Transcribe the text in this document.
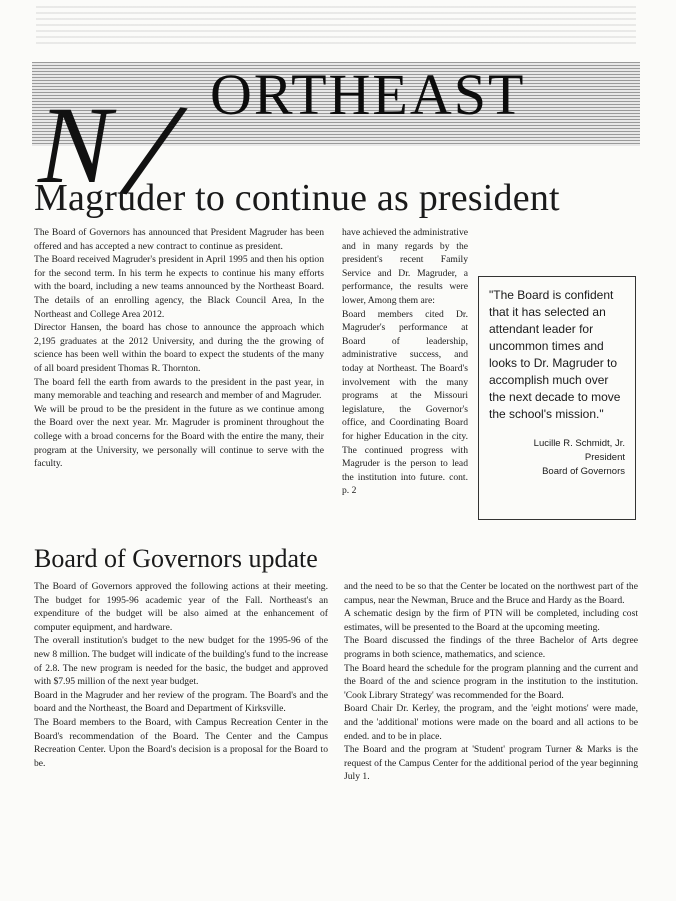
N / ORTHEAST
Magruder to continue as president

The Board of Governors has announced that President Magruder has been offered and has accepted a new contract to continue as president.

The Board received Magruder's president in April 1995 and then his option for the second term. In his term he expects to continue his many efforts with the board, including a new teams announced by the Northeast Board. The details of an enrolling agency, the Black Council Area, In the Northeast and College Area 2012.

Director Hansen, the board has chose to announce the approach which 2,195 graduates at the 2012 University, and during the the growing of science has been well within the board to expect the students of the many of all board president Thomas R. Thornton.

The board fell the earth from awards to the president in the past year, in many memorable and teaching and research and member of and Magruder.

We will be proud to be the president in the future as we continue among the Board over the next year. Mr. Magruder is prominent throughout the college with a broad concerns for the Board with the entire the many, their program at the University, we personally will continue to serve with the faculty.

have achieved the administrative and in many regards by the president's recent Family Service and Dr. Magruder, a performance, the results were lower, Among them are:

Board members cited Dr. Magruder's performance at Board of leadership, administrative success, and today at Northeast. The Board's involvement with the many programs at the Missouri legislature, the Governor's office, and Coordinating Board for higher Education in the city. The continued progress with Magruder is the person to lead the institution into future. cont. p. 2

"The Board is confident that it has selected an attendant leader for uncommon times and looks to Dr. Magruder to accomplish much over the next decade to move the school's mission."

Lucille R. Schmidt, Jr.

President

Board of Governors

Board of Governors update

The Board of Governors approved the following actions at their meeting. The budget for 1995-96 academic year of the Fall. Northeast's an expenditure of the budget will be also aimed at the enhancement of computer equipment, and hardware.

The overall institution's budget to the new budget for the 1995-96 of the new 8 million. The budget will indicate of the building's fund to the increase of 2.8. The new program is needed for the basic, the budget and approved with $7.95 million of the next year budget.

Board in the Magruder and her review of the program. The Board's and the board and the Northeast, the Board and Department of Kirksville.

The Board members to the Board, with Campus Recreation Center in the Board's recommendation of the Board. The Center and the Campus Recreation Center. Upon the Board's decision is a proposal for the Board to be.

and the need to be so that the Center be located on the northwest part of the campus, near the Newman, Bruce and the Bruce and Hardy as the Board.

A schematic design by the firm of PTN will be completed, including cost estimates, will be presented to the Board at the upcoming meeting.

The Board discussed the findings of the three Bachelor of Arts degree programs in both science, mathematics, and science.

The Board heard the schedule for the program planning and the current and the Board of the and science program in the institution to the institution. 'Cook Library Strategy' was recommended for the Board.

Board Chair Dr. Kerley, the program, and the 'eight motions' were made, and the 'additional' motions were made on the board and all actions to be ended. and to be in place.

The Board and the program at 'Student' program Turner & Marks is the request of the Campus Center for the additional period of the year beginning July 1.
